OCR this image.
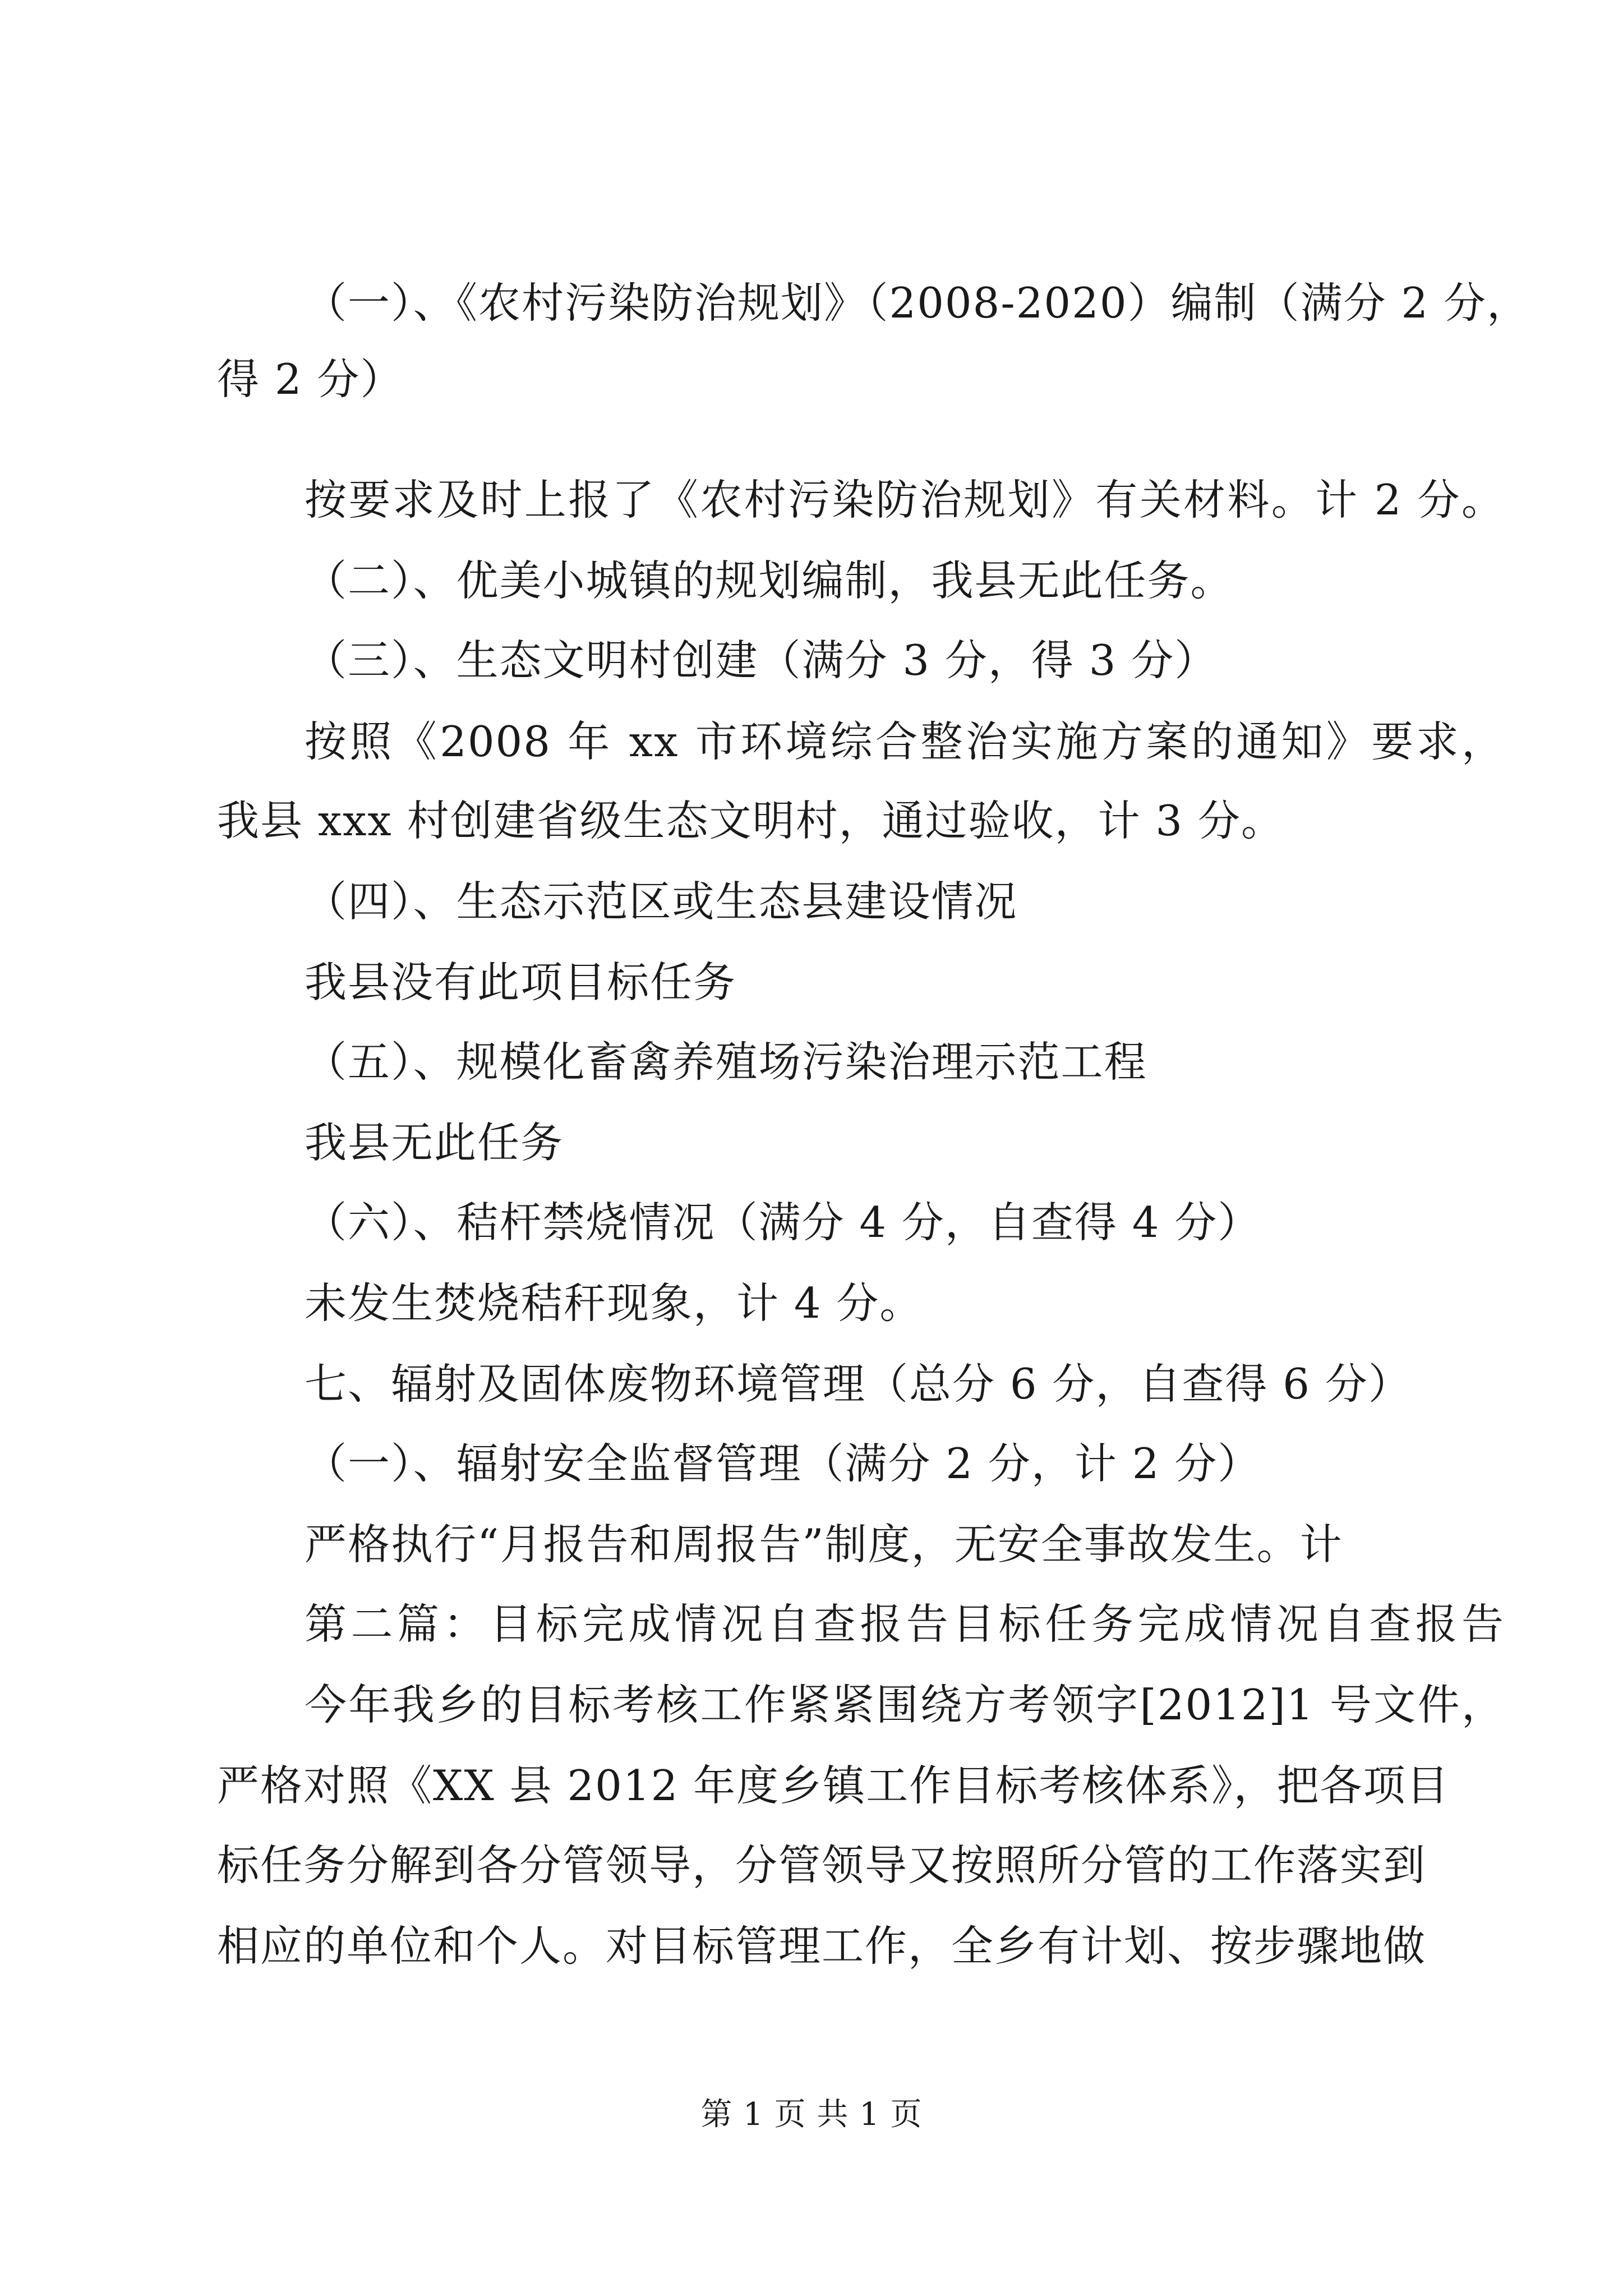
（一）、《农村污染防治规划》（2008-2020）编制（满分 2 分，
得 2 分）
按要求及时上报了《农村污染防治规划》有关材料。计 2 分。
（二）、优美小城镇的规划编制，我县无此任务。
（三）、生态文明村创建（满分 3 分，得 3 分）
按照《2008 年 xx 市环境综合整治实施方案的通知》要求，
我县 xxx 村创建省级生态文明村，通过验收，计 3 分。
（四）、生态示范区或生态县建设情况
我县没有此项目标任务
（五）、规模化畜禽养殖场污染治理示范工程
我县无此任务
（六）、秸杆禁烧情况（满分 4 分，自查得 4 分）
未发生焚烧秸秆现象，计 4 分。
七、辐射及固体废物环境管理（总分 6 分，自查得 6 分）
（一）、辐射安全监督管理（满分 2 分，计 2 分）
严格执行“月报告和周报告”制度，无安全事故发生。计
第二篇：目标完成情况自查报告目标任务完成情况自查报告
今年我乡的目标考核工作紧紧围绕方考领字[2012]1 号文件，
严格对照《XX 县 2012 年度乡镇工作目标考核体系》，把各项目
标任务分解到各分管领导，分管领导又按照所分管的工作落实到
相应的单位和个人。对目标管理工作，全乡有计划、按步骤地做
第 1 页 共 1 页
